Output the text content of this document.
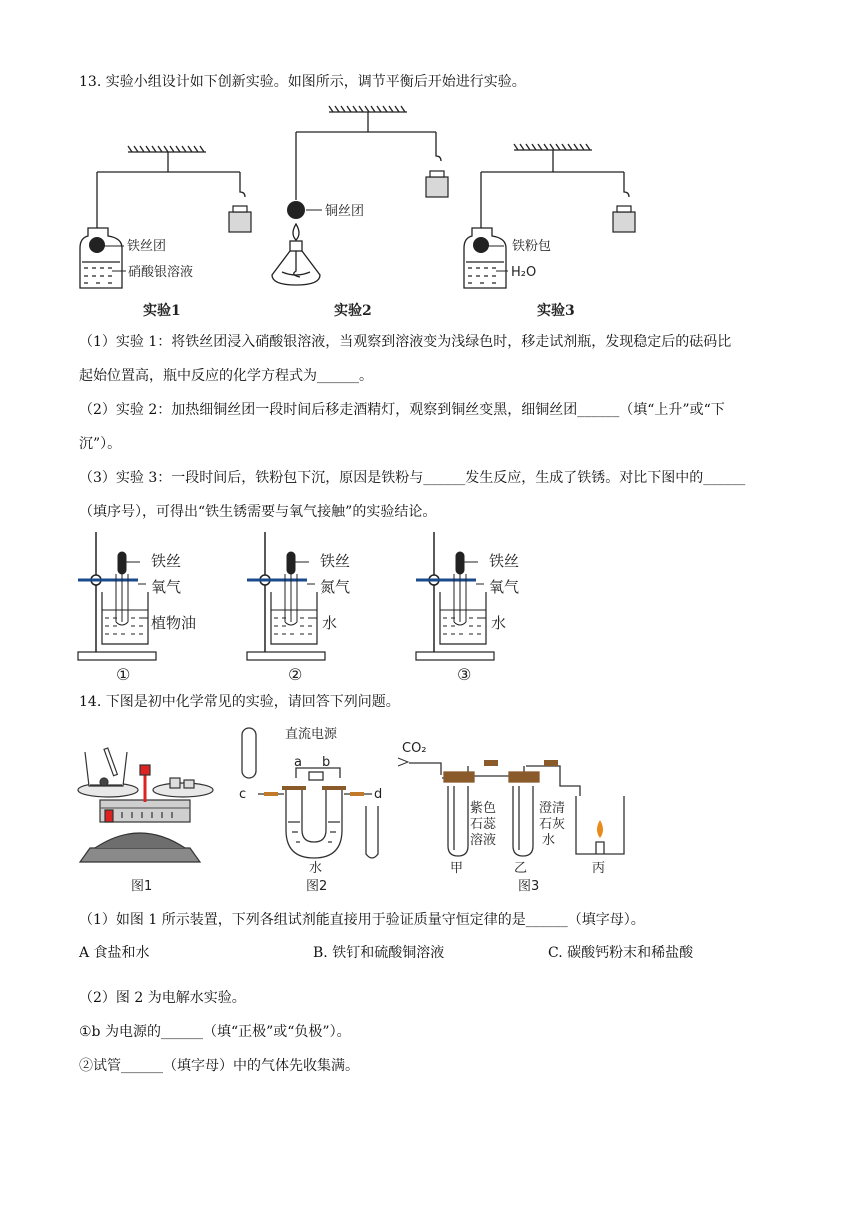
13. 实验小组设计如下创新实验。如图所示，调节平衡后开始进行实验。
铁丝团
硝酸银溶液
铜丝团
铁粉包
H₂O
实验1	实验2	实验3
（1）实验 1：将铁丝团浸入硝酸银溶液，当观察到溶液变为浅绿色时，移走试剂瓶，发现稳定后的砝码比
起始位置高，瓶中反应的化学方程式为______。
（2）实验 2：加热细铜丝团一段时间后移走酒精灯，观察到铜丝变黑，细铜丝团______（填“上升”或“下
沉”）。
（3）实验 3：一段时间后，铁粉包下沉，原因是铁粉与______发生反应，生成了铁锈。对比下图中的______
（填序号），可得出“铁生锈需要与氧气接触”的实验结论。
铁丝
氧气
植物油
①
铁丝
氮气
水
②
铁丝
氧气
水
③
14. 下图是初中化学常见的实验，请回答下列问题。
图1
直流电源
a b
c	d
水
图2
CO₂
紫色
石蕊
溶液
澄清
石灰
水
甲	乙	丙
图3
（1）如图 1 所示装置，下列各组试剂能直接用于验证质量守恒定律的是______（填字母）。
A 食盐和水	B. 铁钉和硫酸铜溶液	C. 碳酸钙粉末和稀盐酸
（2）图 2 为电解水实验。
①b 为电源的______（填“正极”或“负极”）。
②试管______（填字母）中的气体先收集满。
